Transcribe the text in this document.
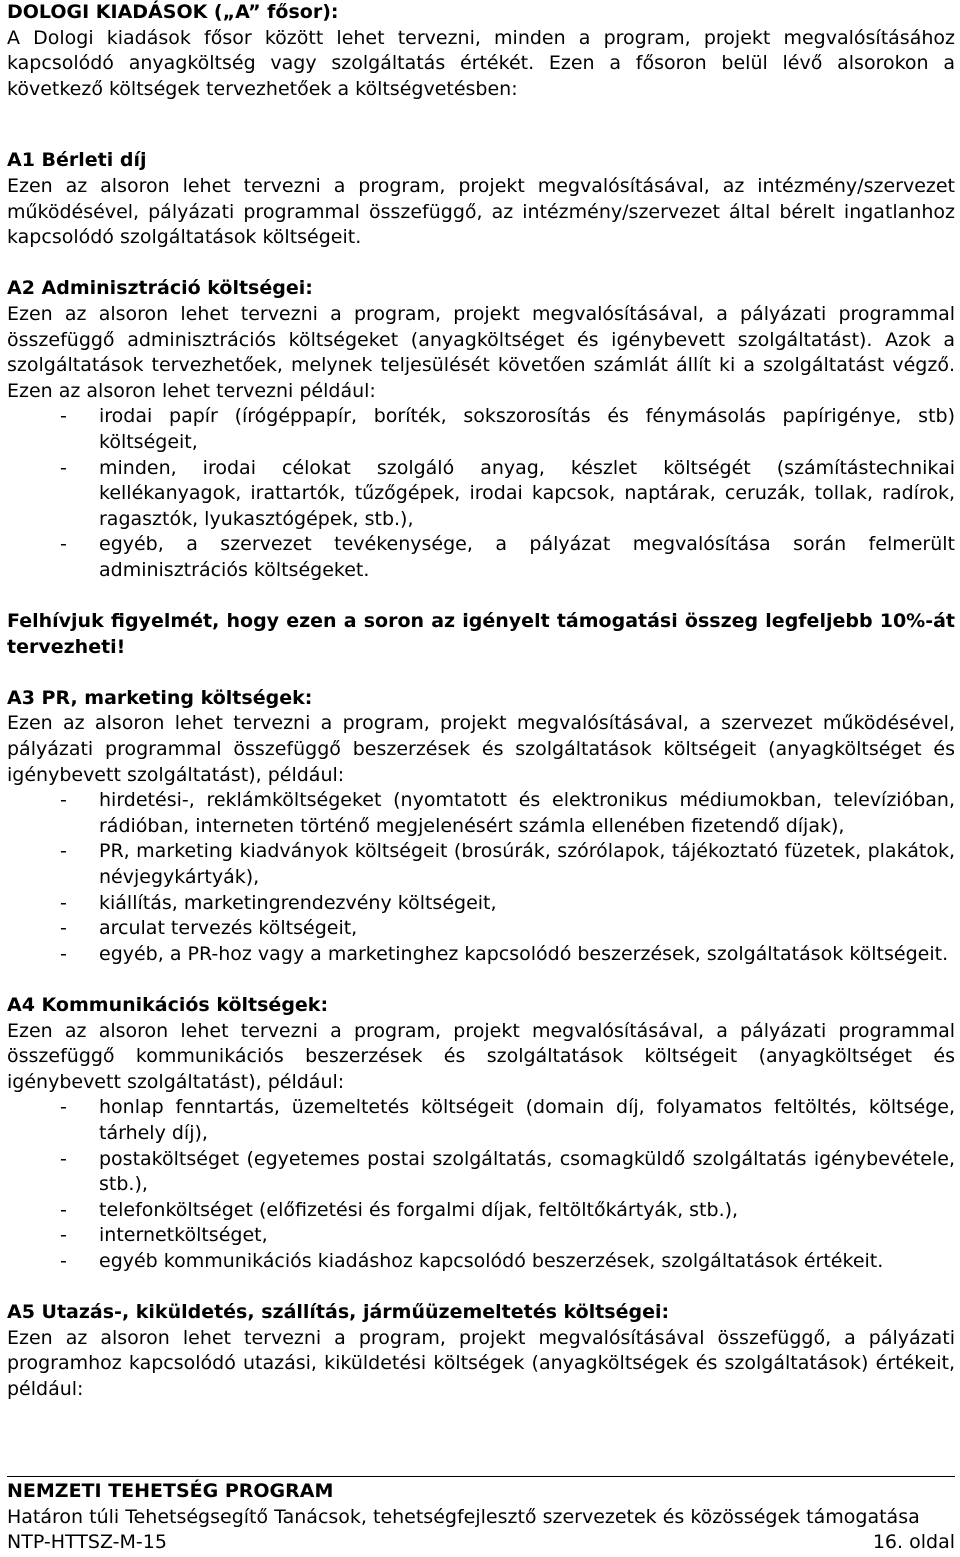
DOLOGI KIADÁSOK („A” fősor):

A Dologi kiadások fősor között lehet tervezni, minden a program, projekt megvalósításához kapcsolódó anyagköltség vagy szolgáltatás értékét. Ezen a fősoron belül lévő alsorokon a következő költségek tervezhetőek a költségvetésben:

A1 Bérleti díj

Ezen az alsoron lehet tervezni a program, projekt megvalósításával, az intézmény/szervezet működésével, pályázati programmal összefüggő, az intézmény/szervezet által bérelt ingatlanhoz kapcsolódó szolgáltatások költségeit.

A2 Adminisztráció költségei:

Ezen az alsoron lehet tervezni a program, projekt megvalósításával, a pályázati programmal összefüggő adminisztrációs költségeket (anyagköltséget és igénybevett szolgáltatást). Azok a szolgáltatások tervezhetőek, melynek teljesülését követően számlát állít ki a szolgáltatást végző. Ezen az alsoron lehet tervezni például:

- irodai papír (írógéppapír, boríték, sokszorosítás és fénymásolás papírigénye, stb) költségeit,
- minden, irodai célokat szolgáló anyag, készlet költségét (számítástechnikai kellékanyagok, irattartók, tűzőgépek, irodai kapcsok, naptárak, ceruzák, tollak, radírok, ragasztók, lyukasztógépek, stb.),
- egyéb, a szervezet tevékenysége, a pályázat megvalósítása során felmerült adminisztrációs költségeket.

Felhívjuk figyelmét, hogy ezen a soron az igényelt támogatási összeg legfeljebb 10%-át tervezheti!

A3 PR, marketing költségek:

Ezen az alsoron lehet tervezni a program, projekt megvalósításával, a szervezet működésével, pályázati programmal összefüggő beszerzések és szolgáltatások költségeit (anyagköltséget és igénybevett szolgáltatást), például:

- hirdetési-, reklámköltségeket (nyomtatott és elektronikus médiumokban, televízióban, rádióban, interneten történő megjelenésért számla ellenében fizetendő díjak),
- PR, marketing kiadványok költségeit (brosúrák, szórólapok, tájékoztató füzetek, plakátok, névjegykártyák),
- kiállítás, marketingrendezvény költségeit,
- arculat tervezés költségeit,
- egyéb, a PR-hoz vagy a marketinghez kapcsolódó beszerzések, szolgáltatások költségeit.

A4 Kommunikációs költségek:

Ezen az alsoron lehet tervezni a program, projekt megvalósításával, a pályázati programmal összefüggő kommunikációs beszerzések és szolgáltatások költségeit (anyagköltséget és igénybevett szolgáltatást), például:

- honlap fenntartás, üzemeltetés költségeit (domain díj, folyamatos feltöltés, költsége, tárhely díj),
- postaköltséget (egyetemes postai szolgáltatás, csomagküldő szolgáltatás igénybevétele, stb.),
- telefonköltséget (előfizetési és forgalmi díjak, feltöltőkártyák, stb.),
- internetköltséget,
- egyéb kommunikációs kiadáshoz kapcsolódó beszerzések, szolgáltatások értékeit.

A5 Utazás-, kiküldetés, szállítás, járműüzemeltetés költségei:

Ezen az alsoron lehet tervezni a program, projekt megvalósításával összefüggő, a pályázati programhoz kapcsolódó utazási, kiküldetési költségek (anyagköltségek és szolgáltatások) értékeit, például:

NEMZETI TEHETSÉG PROGRAM
Határon túli Tehetségsegítő Tanácsok, tehetségfejlesztő szervezetek és közösségek támogatása
NTP-HTTSZ-M-15	16. oldal
